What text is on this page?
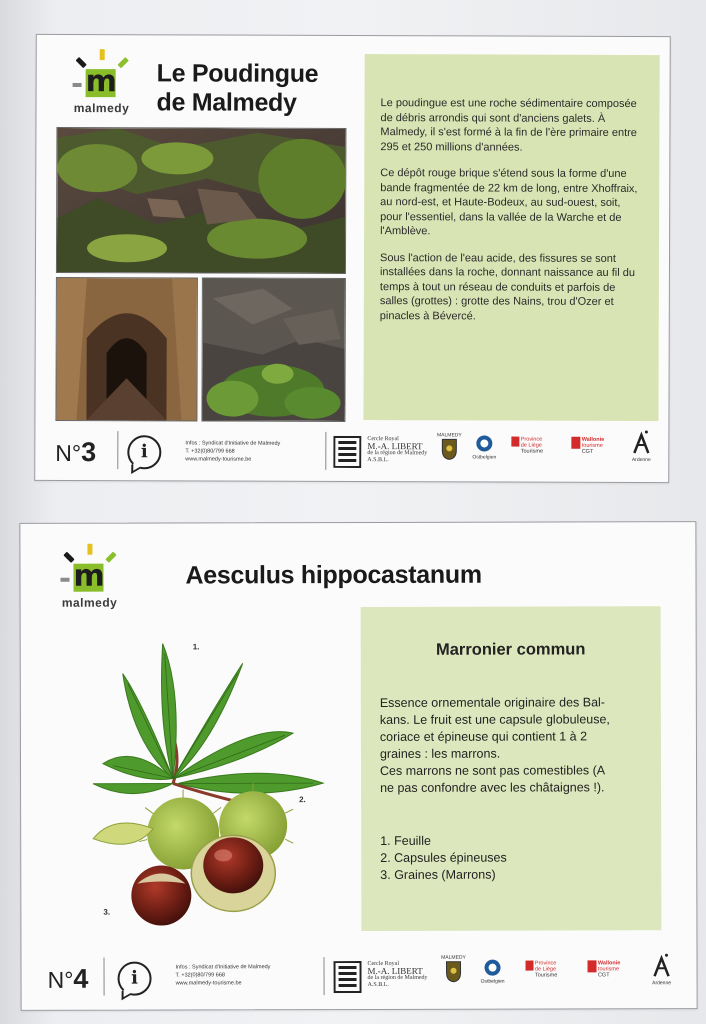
m
malmedy
Le Poudingue
de Malmedy	Le poudingue est une roche sédimentaire composée de débris arrondis qui sont d'anciens galets. À Malmedy, il s'est formé à la fin de l'ère primaire entre 295 et 250 millions d'années.

Ce dépôt rouge brique s'étend sous la forme d'une bande fragmentée de 22 km de long, entre Xhoffraix, au nord-est, et Haute-Bodeux, au sud-ouest, soit, pour l'essentiel, dans la vallée de la Warche et de l'Amblève.

Sous l'action de l'eau acide, des fissures se sont installées dans la roche, donnant naissance au fil du temps à tout un réseau de conduits et parfois de salles (grottes) : grotte des Nains, trou d'Ozer et pinacles à Bévercé.

N°3	i	Infos : Syndicat d'Initiative de Malmedy
T. +32(0)80/799 668
www.malmedy-tourisme.be
Cercle Royal
M.-A. LIBERT
de la région de Malmedy
A.S.B.L.
MALMEDY
Ostbelgien
Province
de Liège
Tourisme
Wallonie
tourisme
CGT
Ardenne
m
malmedy
Aesculus hippocastanum
1.
2.
3.
Marronier commun

Essence ornementale originaire des Bal-

kans. Le fruit est une capsule globuleuse,

coriace et épineuse qui contient 1 à 2

graines : les marrons.

Ces marrons ne sont pas comestibles (A

ne pas confondre avec les châtaignes !).

1. Feuille
2. Capsules épineuses
3. Graines (Marrons)
N°4	i
Infos : Syndicat d'Initiative de Malmedy
T. +32(0)80/799 668
www.malmedy-tourisme.be
Cercle Royal
M.-A. LIBERT
de la région de Malmedy
A.S.B.L.
MALMEDY
Ostbelgien
Province
de Liège
Tourisme
Wallonie
tourisme
CGT
Ardenne
